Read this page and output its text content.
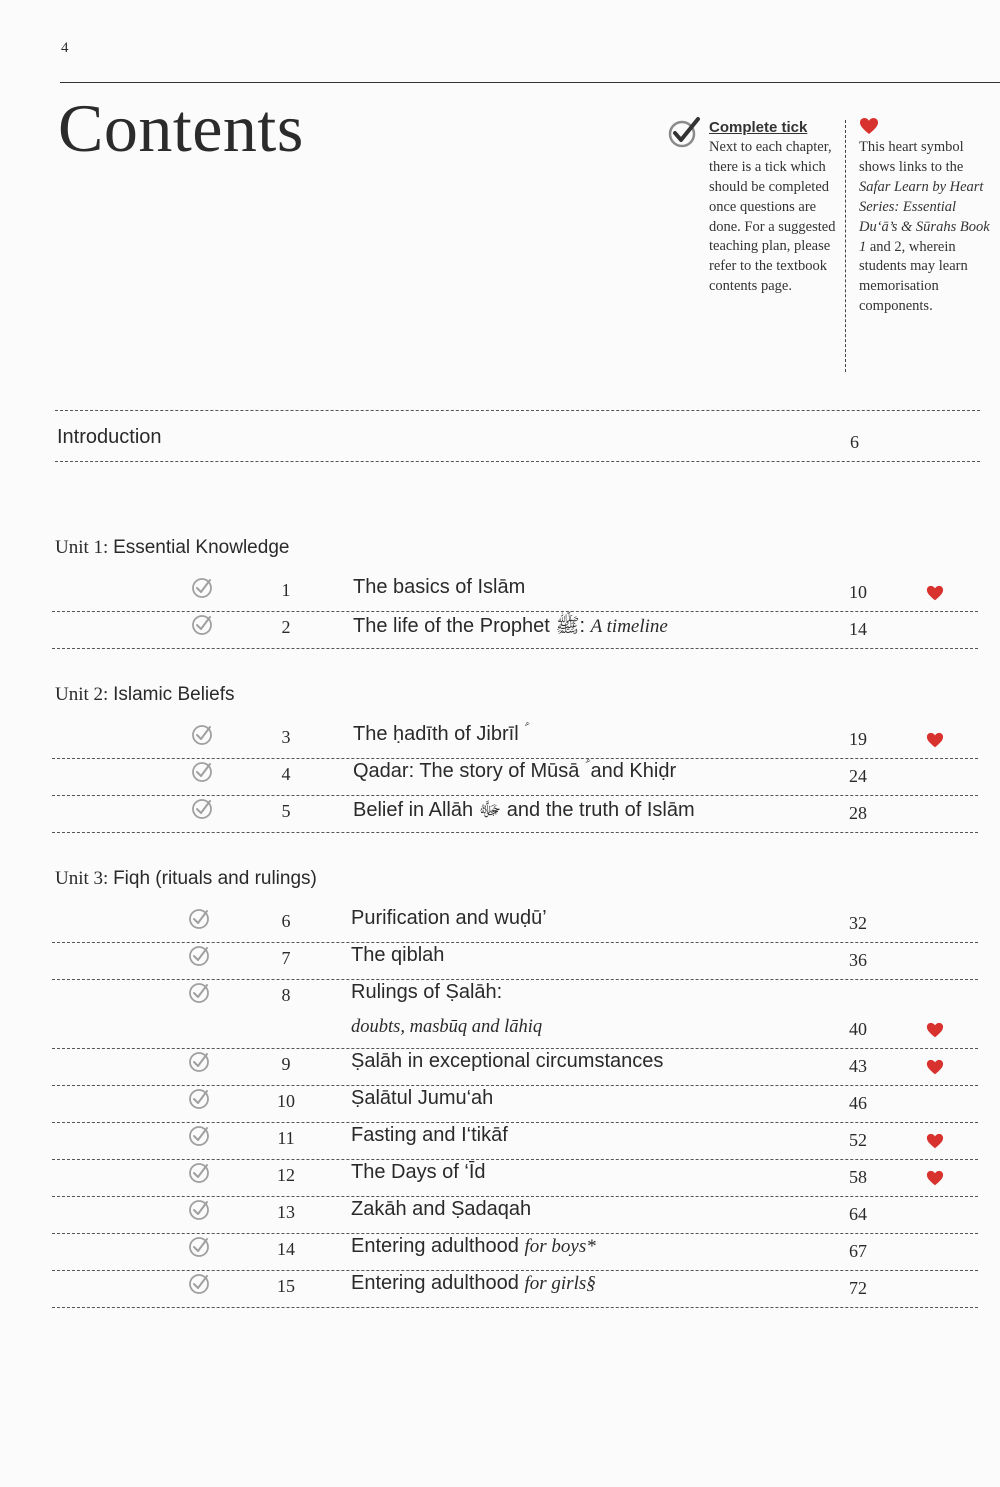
4
Contents	Complete tick
Next to each chapter, there is a tick which should be completed once questions are done. For a suggested teaching plan, please refer to the textbook contents page.
This heart symbol shows links to the Safar Learn by Heart Series: Essential Du‘ā’s & Sūrahs Book 1 and 2, wherein students may learn memorisation components.
Introduction	6
Unit 1: Essential Knowledge
1	The basics of Islām	10
2	The life of the Prophet ﷺ: A timeline	14
Unit 2: Islamic Beliefs
3	The ḥadīth of Jibrīl ؑ	19
4	Qadar: The story of Mūsā ؑ and Khiḍr	24
5	Belief in Allāh ﷻ and the truth of Islām	28
Unit 3: Fiqh (rituals and rulings)
6	Purification and wuḍū’	32
7	The qiblah	36
8	Rulings of Ṣalāh:
doubts, masbūq and lāhiq	40
9	Ṣalāh in exceptional circumstances	43
10	Ṣalātul Jumu‘ah	46
11	Fasting and I‘tikāf	52
12	The Days of ‘Īd	58
13	Zakāh and Ṣadaqah	64
14	Entering adulthood for boys*	67
15	Entering adulthood for girls§	72
